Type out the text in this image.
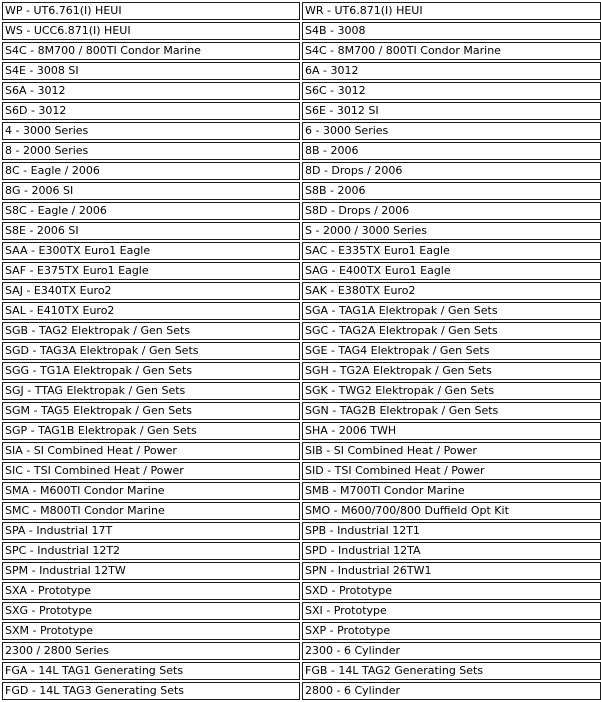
WP - UT6.761(I) HEUI	WR - UT6.871(I) HEUI
WS - UCC6.871(I) HEUI	S4B - 3008
S4C - 8M700 / 800TI Condor Marine	S4C - 8M700 / 800TI Condor Marine
S4E - 3008 SI	6A - 3012
S6A - 3012	S6C - 3012
S6D - 3012	S6E - 3012 SI
4 - 3000 Series	6 - 3000 Series
8 - 2000 Series	8B - 2006
8C - Eagle / 2006	8D - Drops / 2006
8G - 2006 SI	S8B - 2006
S8C - Eagle / 2006	S8D - Drops / 2006
S8E - 2006 SI	S - 2000 / 3000 Series
SAA - E300TX Euro1 Eagle	SAC - E335TX Euro1 Eagle
SAF - E375TX Euro1 Eagle	SAG - E400TX Euro1 Eagle
SAJ - E340TX Euro2	SAK - E380TX Euro2
SAL - E410TX Euro2	SGA - TAG1A Elektropak / Gen Sets
SGB - TAG2 Elektropak / Gen Sets	SGC - TAG2A Elektropak / Gen Sets
SGD - TAG3A Elektropak / Gen Sets	SGE - TAG4 Elektropak / Gen Sets
SGG - TG1A Elektropak / Gen Sets	SGH - TG2A Elektropak / Gen Sets
SGJ - TTAG Elektropak / Gen Sets	SGK - TWG2 Elektropak / Gen Sets
SGM - TAG5 Elektropak / Gen Sets	SGN - TAG2B Elektropak / Gen Sets
SGP - TAG1B Elektropak / Gen Sets	SHA - 2006 TWH
SIA - SI Combined Heat / Power	SIB - SI Combined Heat / Power
SIC - TSI Combined Heat / Power	SID - TSI Combined Heat / Power
SMA - M600TI Condor Marine	SMB - M700TI Condor Marine
SMC - M800TI Condor Marine	SMO - M600/700/800 Duffield Opt Kit
SPA - Industrial 17T	SPB - Industrial 12T1
SPC - Industrial 12T2	SPD - Industrial 12TA
SPM - Industrial 12TW	SPN - Industrial 26TW1
SXA - Prototype	SXD - Prototype
SXG - Prototype	SXI - Prototype
SXM - Prototype	SXP - Prototype
2300 / 2800 Series	2300 - 6 Cylinder
FGA - 14L TAG1 Generating Sets	FGB - 14L TAG2 Generating Sets
FGD - 14L TAG3 Generating Sets	2800 - 6 Cylinder
